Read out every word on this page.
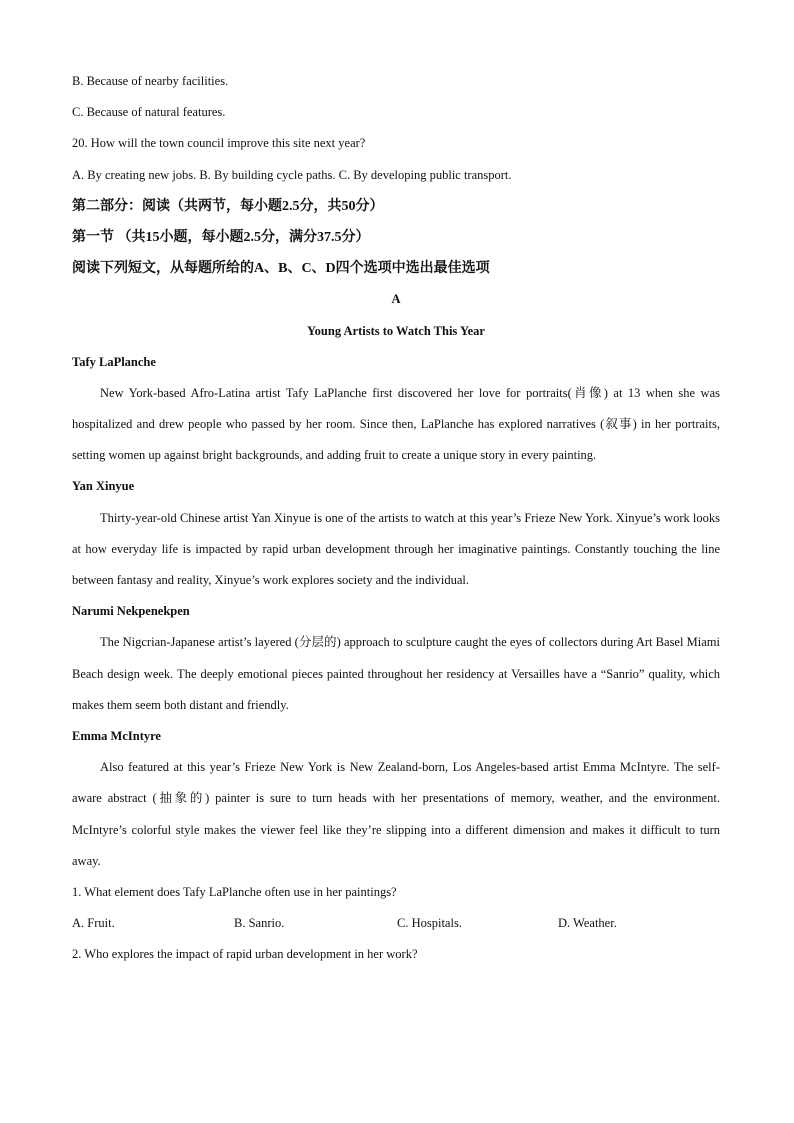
B. Because of nearby facilities.
C. Because of natural features.
20. How will the town council improve this site next year?
A. By creating new jobs. B. By building cycle paths. C. By developing public transport.
第二部分：阅读（共两节，每小题2.5分，共50分）
第一节 （共15小题，每小题2.5分，满分37.5分）
阅读下列短文，从每题所给的A、B、C、D四个选项中选出最佳选项
A
Young Artists to Watch This Year
Tafy LaPlanche
New York-based Afro-Latina artist Tafy LaPlanche first discovered her love for portraits(肖像) at 13 when she was hospitalized and drew people who passed by her room. Since then, LaPlanche has explored narratives (叙事) in her portraits, setting women up against bright backgrounds, and adding fruit to create a unique story in every painting.
Yan Xinyue
Thirty-year-old Chinese artist Yan Xinyue is one of the artists to watch at this year’s Frieze New York. Xinyue’s work looks at how everyday life is impacted by rapid urban development through her imaginative paintings. Constantly touching the line between fantasy and reality, Xinyue’s work explores society and the individual.
Narumi Nekpenekpen
The Nigcrian-Japanese artist’s layered (分层的) approach to sculpture caught the eyes of collectors during Art Basel Miami Beach design week. The deeply emotional pieces painted throughout her residency at Versailles have a “Sanrio” quality, which makes them seem both distant and friendly.
Emma McIntyre
Also featured at this year’s Frieze New York is New Zealand-born, Los Angeles-based artist Emma McIntyre. The self-aware abstract (抽象的) painter is sure to turn heads with her presentations of memory, weather, and the environment. McIntyre’s colorful style makes the viewer feel like they’re slipping into a different dimension and makes it difficult to turn away.
1. What element does Tafy LaPlanche often use in her paintings?
A. Fruit.	B. Sanrio.	C. Hospitals.	D. Weather.
2. Who explores the impact of rapid urban development in her work?
